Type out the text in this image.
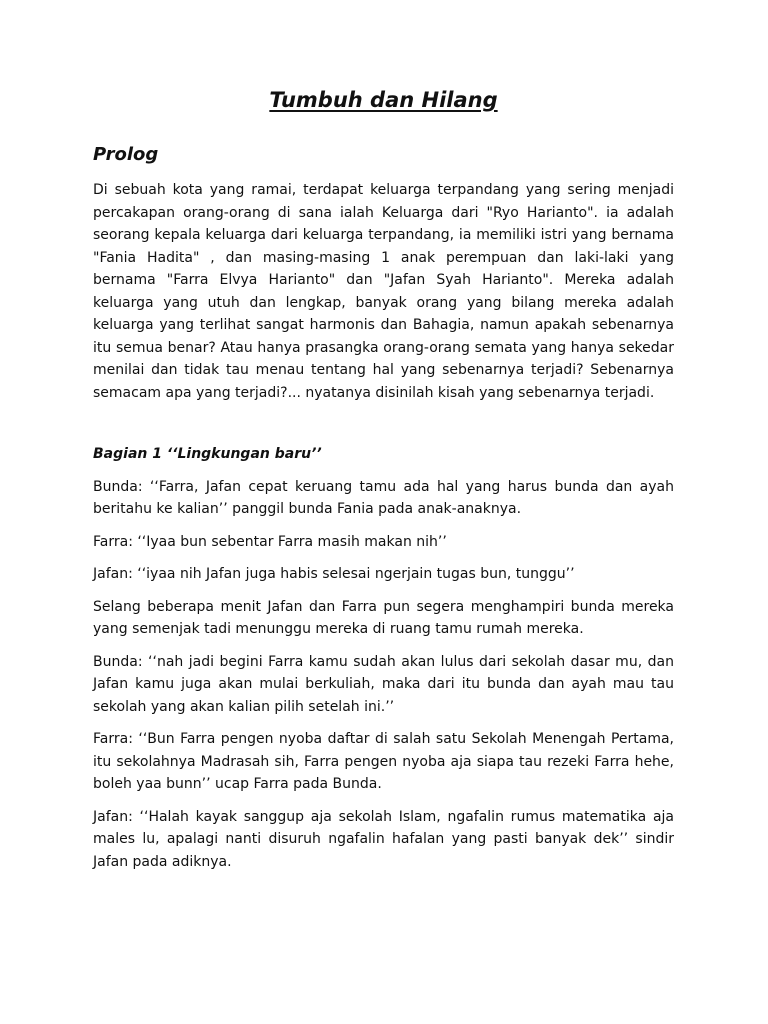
Tumbuh dan Hilang
Prolog

Di sebuah kota yang ramai, terdapat keluarga terpandang yang sering menjadi percakapan orang-orang di sana ialah Keluarga dari "Ryo Harianto". ia adalah seorang kepala keluarga dari keluarga terpandang, ia memiliki istri yang bernama "Fania Hadita" , dan masing-masing 1 anak perempuan dan laki-laki yang bernama "Farra Elvya Harianto" dan "Jafan Syah Harianto". Mereka adalah keluarga yang utuh dan lengkap, banyak orang yang bilang mereka adalah keluarga yang terlihat sangat harmonis dan Bahagia, namun apakah sebenarnya itu semua benar? Atau hanya prasangka orang-orang semata yang hanya sekedar menilai dan tidak tau menau tentang hal yang sebenarnya terjadi? Sebenarnya semacam apa yang terjadi?... nyatanya disinilah kisah yang sebenarnya terjadi.

Bagian 1 ‘‘Lingkungan baru’’

Bunda: ‘‘Farra, Jafan cepat keruang tamu ada hal yang harus bunda dan ayah beritahu ke kalian’’ panggil bunda Fania pada anak-anaknya.

Farra: ‘‘Iyaa bun sebentar Farra masih makan nih’’

Jafan: ‘‘iyaa nih Jafan juga habis selesai ngerjain tugas bun, tunggu’’

Selang beberapa menit Jafan dan Farra pun segera menghampiri bunda mereka yang semenjak tadi menunggu mereka di ruang tamu rumah mereka.

Bunda: ‘‘nah jadi begini Farra kamu sudah akan lulus dari sekolah dasar mu, dan Jafan kamu juga akan mulai berkuliah, maka dari itu bunda dan ayah mau tau sekolah yang akan kalian pilih setelah ini.’’

Farra: ‘‘Bun Farra pengen nyoba daftar di salah satu Sekolah Menengah Pertama, itu sekolahnya Madrasah sih, Farra pengen nyoba aja siapa tau rezeki Farra hehe, boleh yaa bunn’’ ucap Farra pada Bunda.

Jafan: ‘‘Halah kayak sanggup aja sekolah Islam, ngafalin rumus matematika aja males lu, apalagi nanti disuruh ngafalin hafalan yang pasti banyak dek’’ sindir Jafan pada adiknya.
